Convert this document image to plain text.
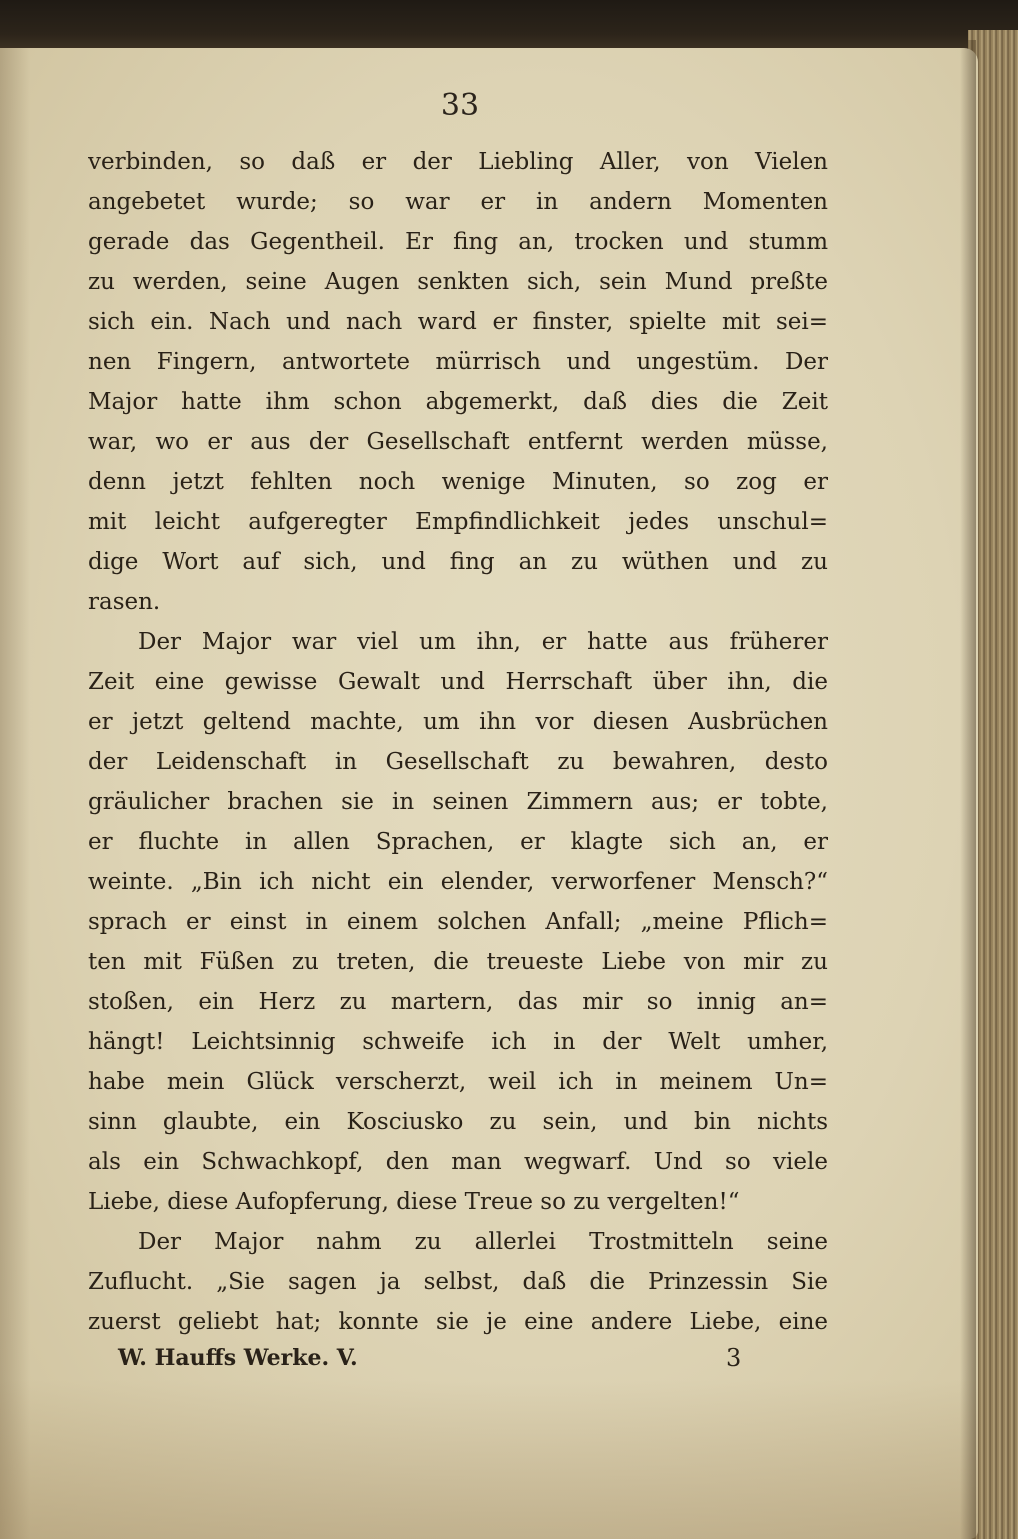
33
verbinden, so daß er der Liebling Aller, von Vielen
angebetet wurde; so war er in andern Momenten
gerade das Gegentheil. Er fing an, trocken und stumm
zu werden, seine Augen senkten sich, sein Mund preßte
sich ein. Nach und nach ward er finster, spielte mit sei=
nen Fingern, antwortete mürrisch und ungestüm. Der
Major hatte ihm schon abgemerkt, daß dies die Zeit
war, wo er aus der Gesellschaft entfernt werden müsse,
denn jetzt fehlten noch wenige Minuten, so zog er
mit leicht aufgeregter Empfindlichkeit jedes unschul=
dige Wort auf sich, und fing an zu wüthen und zu
rasen.
Der Major war viel um ihn, er hatte aus früherer
Zeit eine gewisse Gewalt und Herrschaft über ihn, die
er jetzt geltend machte, um ihn vor diesen Ausbrüchen
der Leidenschaft in Gesellschaft zu bewahren, desto
gräulicher brachen sie in seinen Zimmern aus; er tobte,
er fluchte in allen Sprachen, er klagte sich an, er
weinte. „Bin ich nicht ein elender, verworfener Mensch?“
sprach er einst in einem solchen Anfall; „meine Pflich=
ten mit Füßen zu treten, die treueste Liebe von mir zu
stoßen, ein Herz zu martern, das mir so innig an=
hängt! Leichtsinnig schweife ich in der Welt umher,
habe mein Glück verscherzt, weil ich in meinem Un=
sinn glaubte, ein Kosciusko zu sein, und bin nichts
als ein Schwachkopf, den man wegwarf. Und so viele
Liebe, diese Aufopferung, diese Treue so zu vergelten!“
Der Major nahm zu allerlei Trostmitteln seine
Zuflucht. „Sie sagen ja selbst, daß die Prinzessin Sie
zuerst geliebt hat; konnte sie je eine andere Liebe, eine
W. Hauffs Werke. V.	3
